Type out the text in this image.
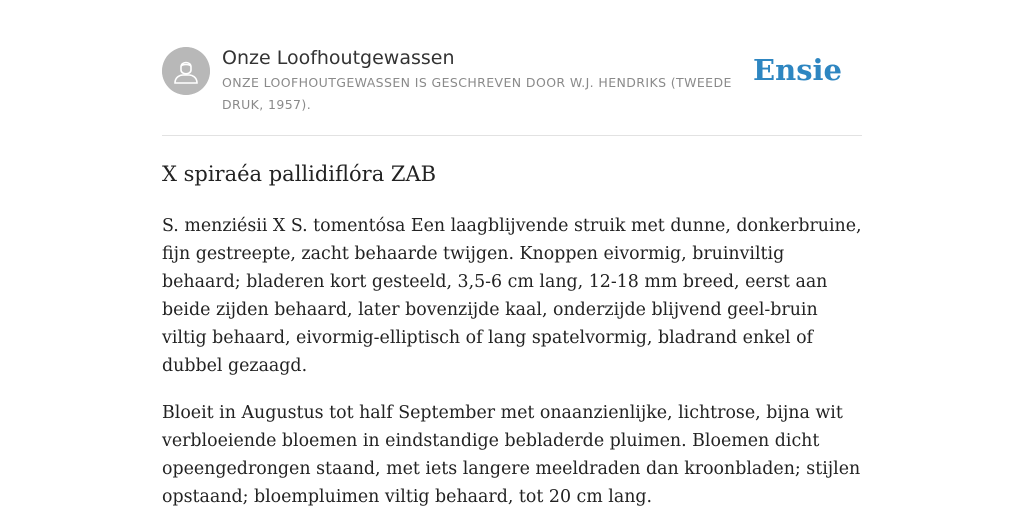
Onze Loofhoutgewassen
ONZE LOOFHOUTGEWASSEN IS GESCHREVEN DOOR W.J. HENDRIKS (TWEEDE DRUK, 1957).
Ensie
X spiraéa pallidiflóra ZAB

S. menziésii X S. tomentósa Een laagblijvende struik met dunne, donkerbruine, fijn gestreepte, zacht behaarde twijgen. Knoppen eivormig, bruinviltig behaard; bladeren kort gesteeld, 3,5-6 cm lang, 12-18 mm breed, eerst aan beide zijden behaard, later bovenzijde kaal, onderzijde blijvend geel-bruin viltig behaard, eivormig-elliptisch of lang spatelvormig, bladrand enkel of dubbel gezaagd.

Bloeit in Augustus tot half September met onaanzienlijke, lichtrose, bijna wit verbloeiende bloemen in eindstandige bebladerde pluimen. Bloemen dicht opeengedrongen staand, met iets langere meeldraden dan kroonbladen; stijlen opstaand; bloempluimen viltig behaard, tot 20 cm lang.
